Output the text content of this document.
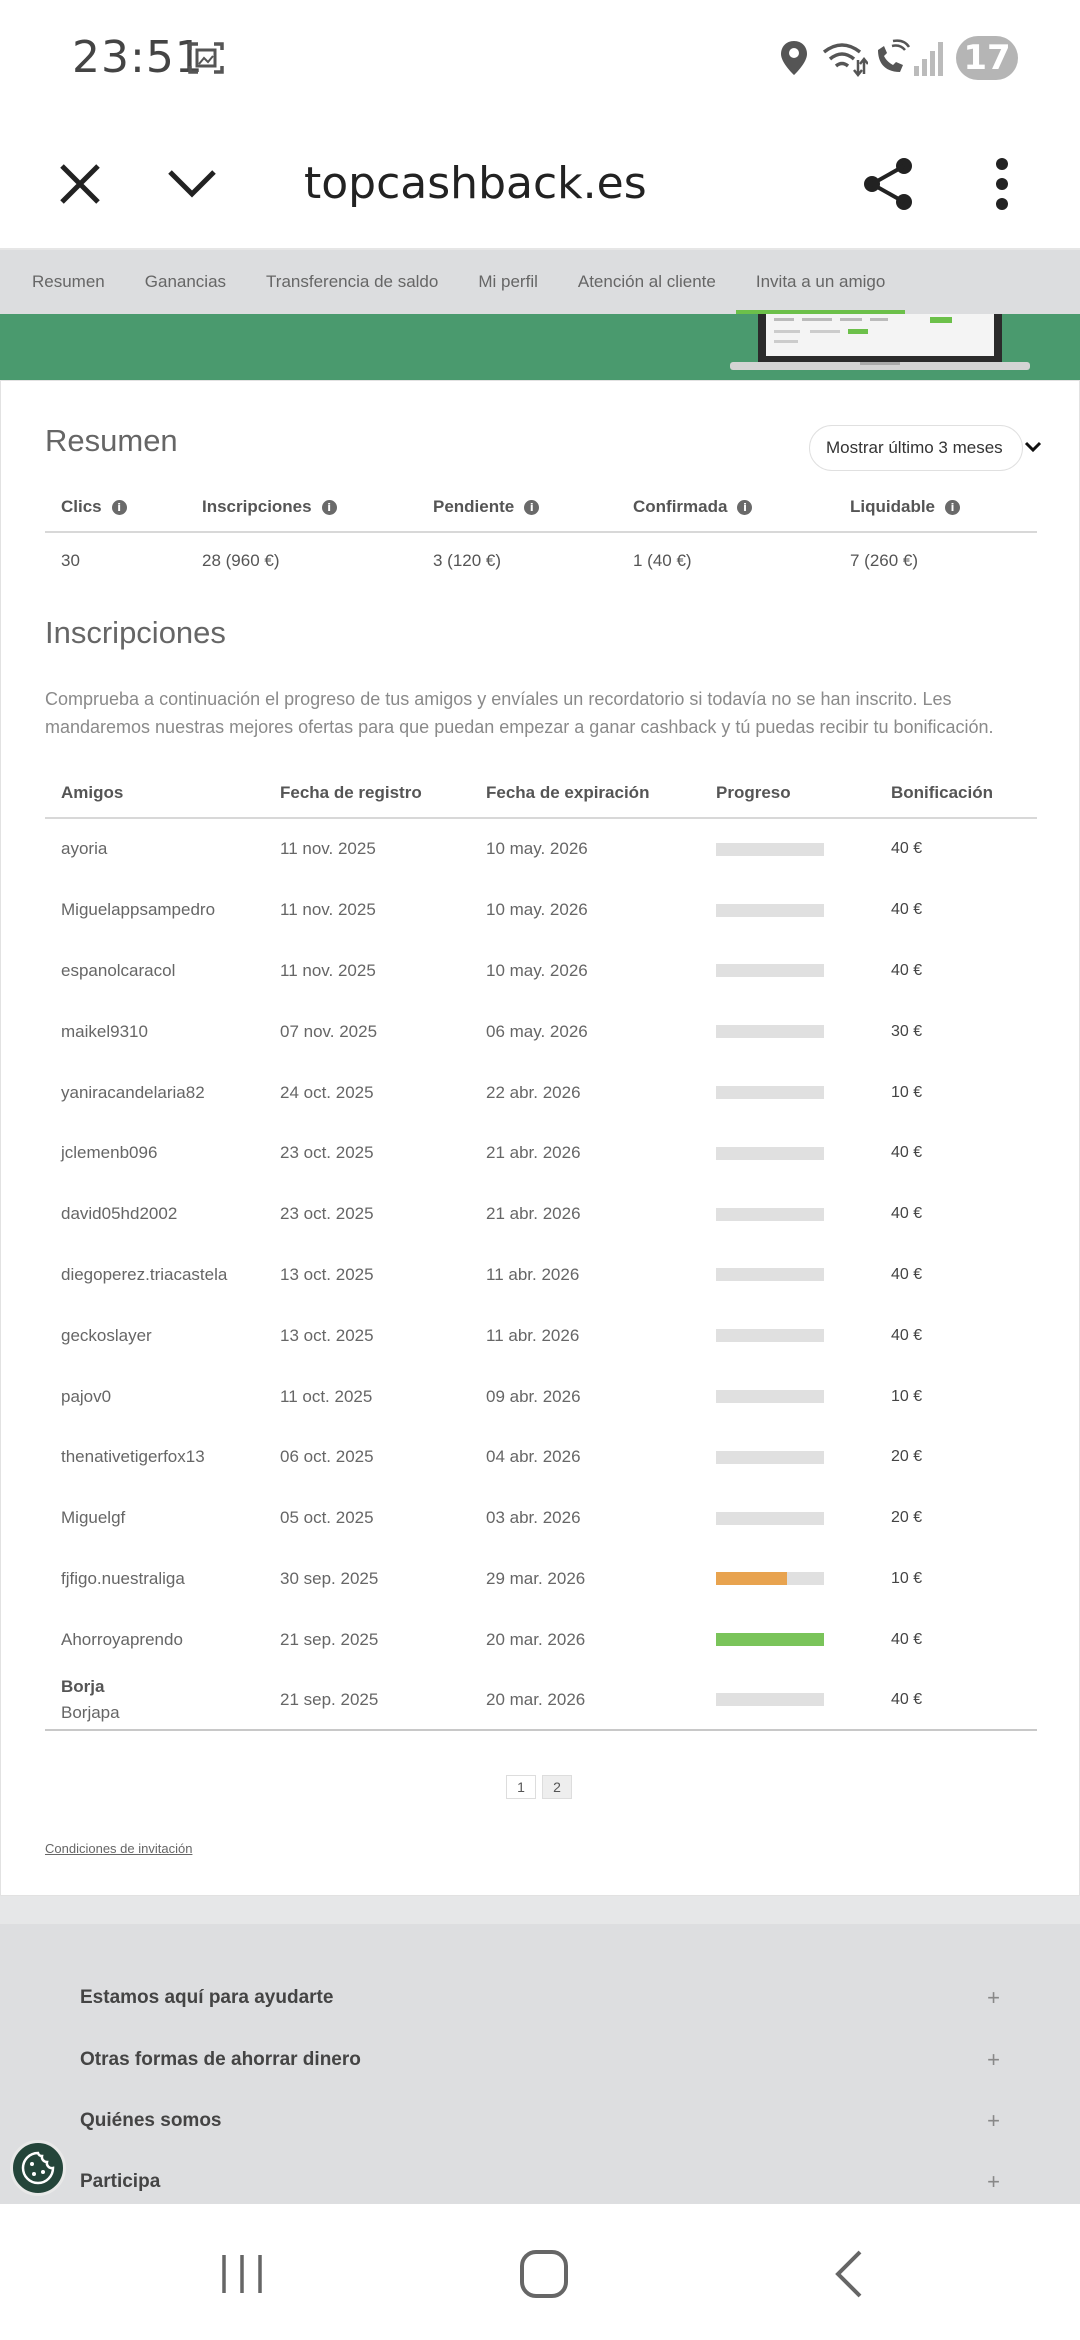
23:51	17
topcashback.es
Resumen	Ganancias	Transferencia de saldo	Mi perfil	Atención al cliente	Invita a un amigo
Resumen	Mostrar último 3 meses
Clics	i	Inscripciones	i	Pendiente	i	Confirmada	i	Liquidable	i
30	28 (960 €)	3 (120 €)	1 (40 €)	7 (260 €)
Inscripciones
Comprueba a continuación el progreso de tus amigos y envíales un recordatorio si todavía no se han inscrito. Les mandaremos nuestras mejores ofertas para que puedan empezar a ganar cashback y tú puedas recibir tu bonificación.
Amigos	Fecha de registro	Fecha de expiración	Progreso	Bonificación
ayoria	11 nov. 2025	10 may. 2026	40 €
Miguelappsampedro	11 nov. 2025	10 may. 2026	40 €
espanolcaracol	11 nov. 2025	10 may. 2026	40 €
maikel9310	07 nov. 2025	06 may. 2026	30 €
yaniracandelaria82	24 oct. 2025	22 abr. 2026	10 €
jclemenb096	23 oct. 2025	21 abr. 2026	40 €
david05hd2002	23 oct. 2025	21 abr. 2026	40 €
diegoperez.triacastela	13 oct. 2025	11 abr. 2026	40 €
geckoslayer	13 oct. 2025	11 abr. 2026	40 €
pajov0	11 oct. 2025	09 abr. 2026	10 €
thenativetigerfox13	06 oct. 2025	04 abr. 2026	20 €
Miguelgf	05 oct. 2025	03 abr. 2026	20 €
fjfigo.nuestraliga	30 sep. 2025	29 mar. 2026	10 €
Ahorroyaprendo	21 sep. 2025	20 mar. 2026	40 €
Borja
Borjapa
21 sep. 2025	20 mar. 2026	40 €
1	2
Condiciones de invitación
Estamos aquí para ayudarte	+
Otras formas de ahorrar dinero	+
Quiénes somos	+
Participa	+
